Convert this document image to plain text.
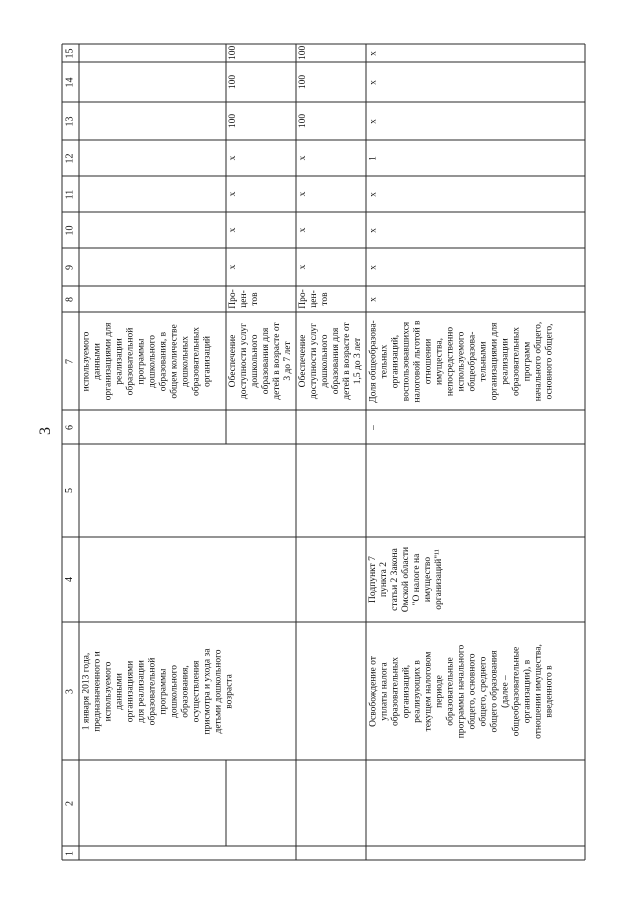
3
1
2
3
4
5
6
7
8
9
10
11
12
13
14
15
1 января 2013 года,
предназначенного и
используемого
данными
организациями
для реализации
образовательной
программы
дошкольного
образования,
осуществления
присмотра и ухода за
детьми дошкольного
возраста
используемого
данными
организациями для
реализации
образовательной
программы
дошкольного
образования, в
общем количестве
дошкольных
образовательных
организаций	Обеспечение
доступности услуг
дошкольного
образования для
детей в возрасте от
3 до 7 лет
Про-
цен-
тов
х
х
х
х
100
100
100
Обеспечение
доступности услуг
дошкольного
образования для
детей в возрасте от
1,5 до 3 лет
Про-
цен-
тов
х
х
х
х
100
100
100
Освобождение от
уплаты налога
образовательных
организаций,
реализующих в
текущем налоговом
периоде
образовательные
программы начального
общего, основного
общего, среднего
общего образования
(далее –
общеобразовательные
организации), в
отношении имущества,
введенного в
Подпункт 7
пункта 2
статьи 2 Закона
Омской области
"О налоге на
имущество
организаций"¹¹
–
Доля общеобразова-
тельных
организаций,
воспользовавшихся
налоговой льготой в
отношении
имущества,
непосредственно
используемого
общеобразова-
тельными
организациями для
реализации
образовательных
программ
начального общего,
основного общего,
х
х
х
х
1
х
х
х
